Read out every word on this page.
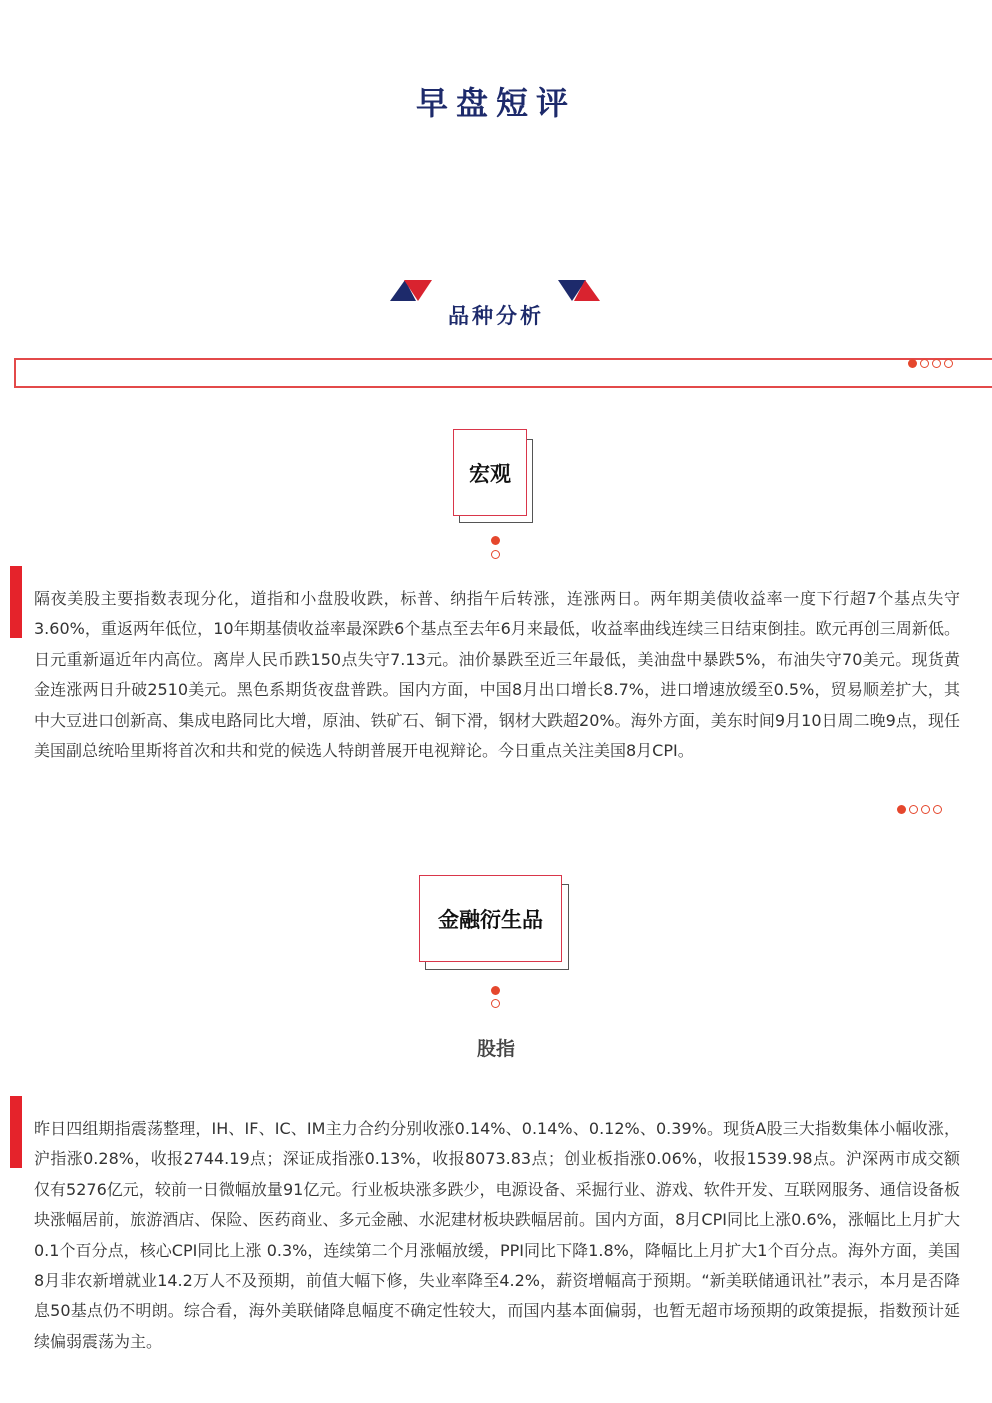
早盘短评
品种分析
宏观
隔夜美股主要指数表现分化，道指和小盘股收跌，标普、纳指午后转涨，连涨两日。两年期美债收益率一度下行超7个基点失守3.60%，重返两年低位，10年期基债收益率最深跌6个基点至去年6月来最低，收益率曲线连续三日结束倒挂。欧元再创三周新低。日元重新逼近年内高位。离岸人民币跌150点失守7.13元。油价暴跌至近三年最低，美油盘中暴跌5%，布油失守70美元。现货黄金连涨两日升破2510美元。黑色系期货夜盘普跌。国内方面，中国8月出口增长8.7%，进口增速放缓至0.5%，贸易顺差扩大，其中大豆进口创新高、集成电路同比大增，原油、铁矿石、铜下滑，钢材大跌超20%。海外方面，美东时间9月10日周二晚9点，现任美国副总统哈里斯将首次和共和党的候选人特朗普展开电视辩论。今日重点关注美国8月CPI。
金融衍生品
股指
昨日四组期指震荡整理，IH、IF、IC、IM主力合约分别收涨0.14%、0.14%、0.12%、0.39%。现货A股三大指数集体小幅收涨，沪指涨0.28%，收报2744.19点；深证成指涨0.13%，收报8073.83点；创业板指涨0.06%，收报1539.98点。沪深两市成交额仅有5276亿元，较前一日微幅放量91亿元。行业板块涨多跌少，电源设备、采掘行业、游戏、软件开发、互联网服务、通信设备板块涨幅居前，旅游酒店、保险、医药商业、多元金融、水泥建材板块跌幅居前。国内方面，8月CPI同比上涨0.6%，涨幅比上月扩大0.1个百分点，核心CPI同比上涨 0.3%，连续第二个月涨幅放缓，PPI同比下降1.8%，降幅比上月扩大1个百分点。海外方面，美国8月非农新增就业14.2万人不及预期，前值大幅下修，失业率降至4.2%，薪资增幅高于预期。“新美联储通讯社”表示，本月是否降息50基点仍不明朗。综合看，海外美联储降息幅度不确定性较大，而国内基本面偏弱，也暂无超市场预期的政策提振，指数预计延续偏弱震荡为主。
